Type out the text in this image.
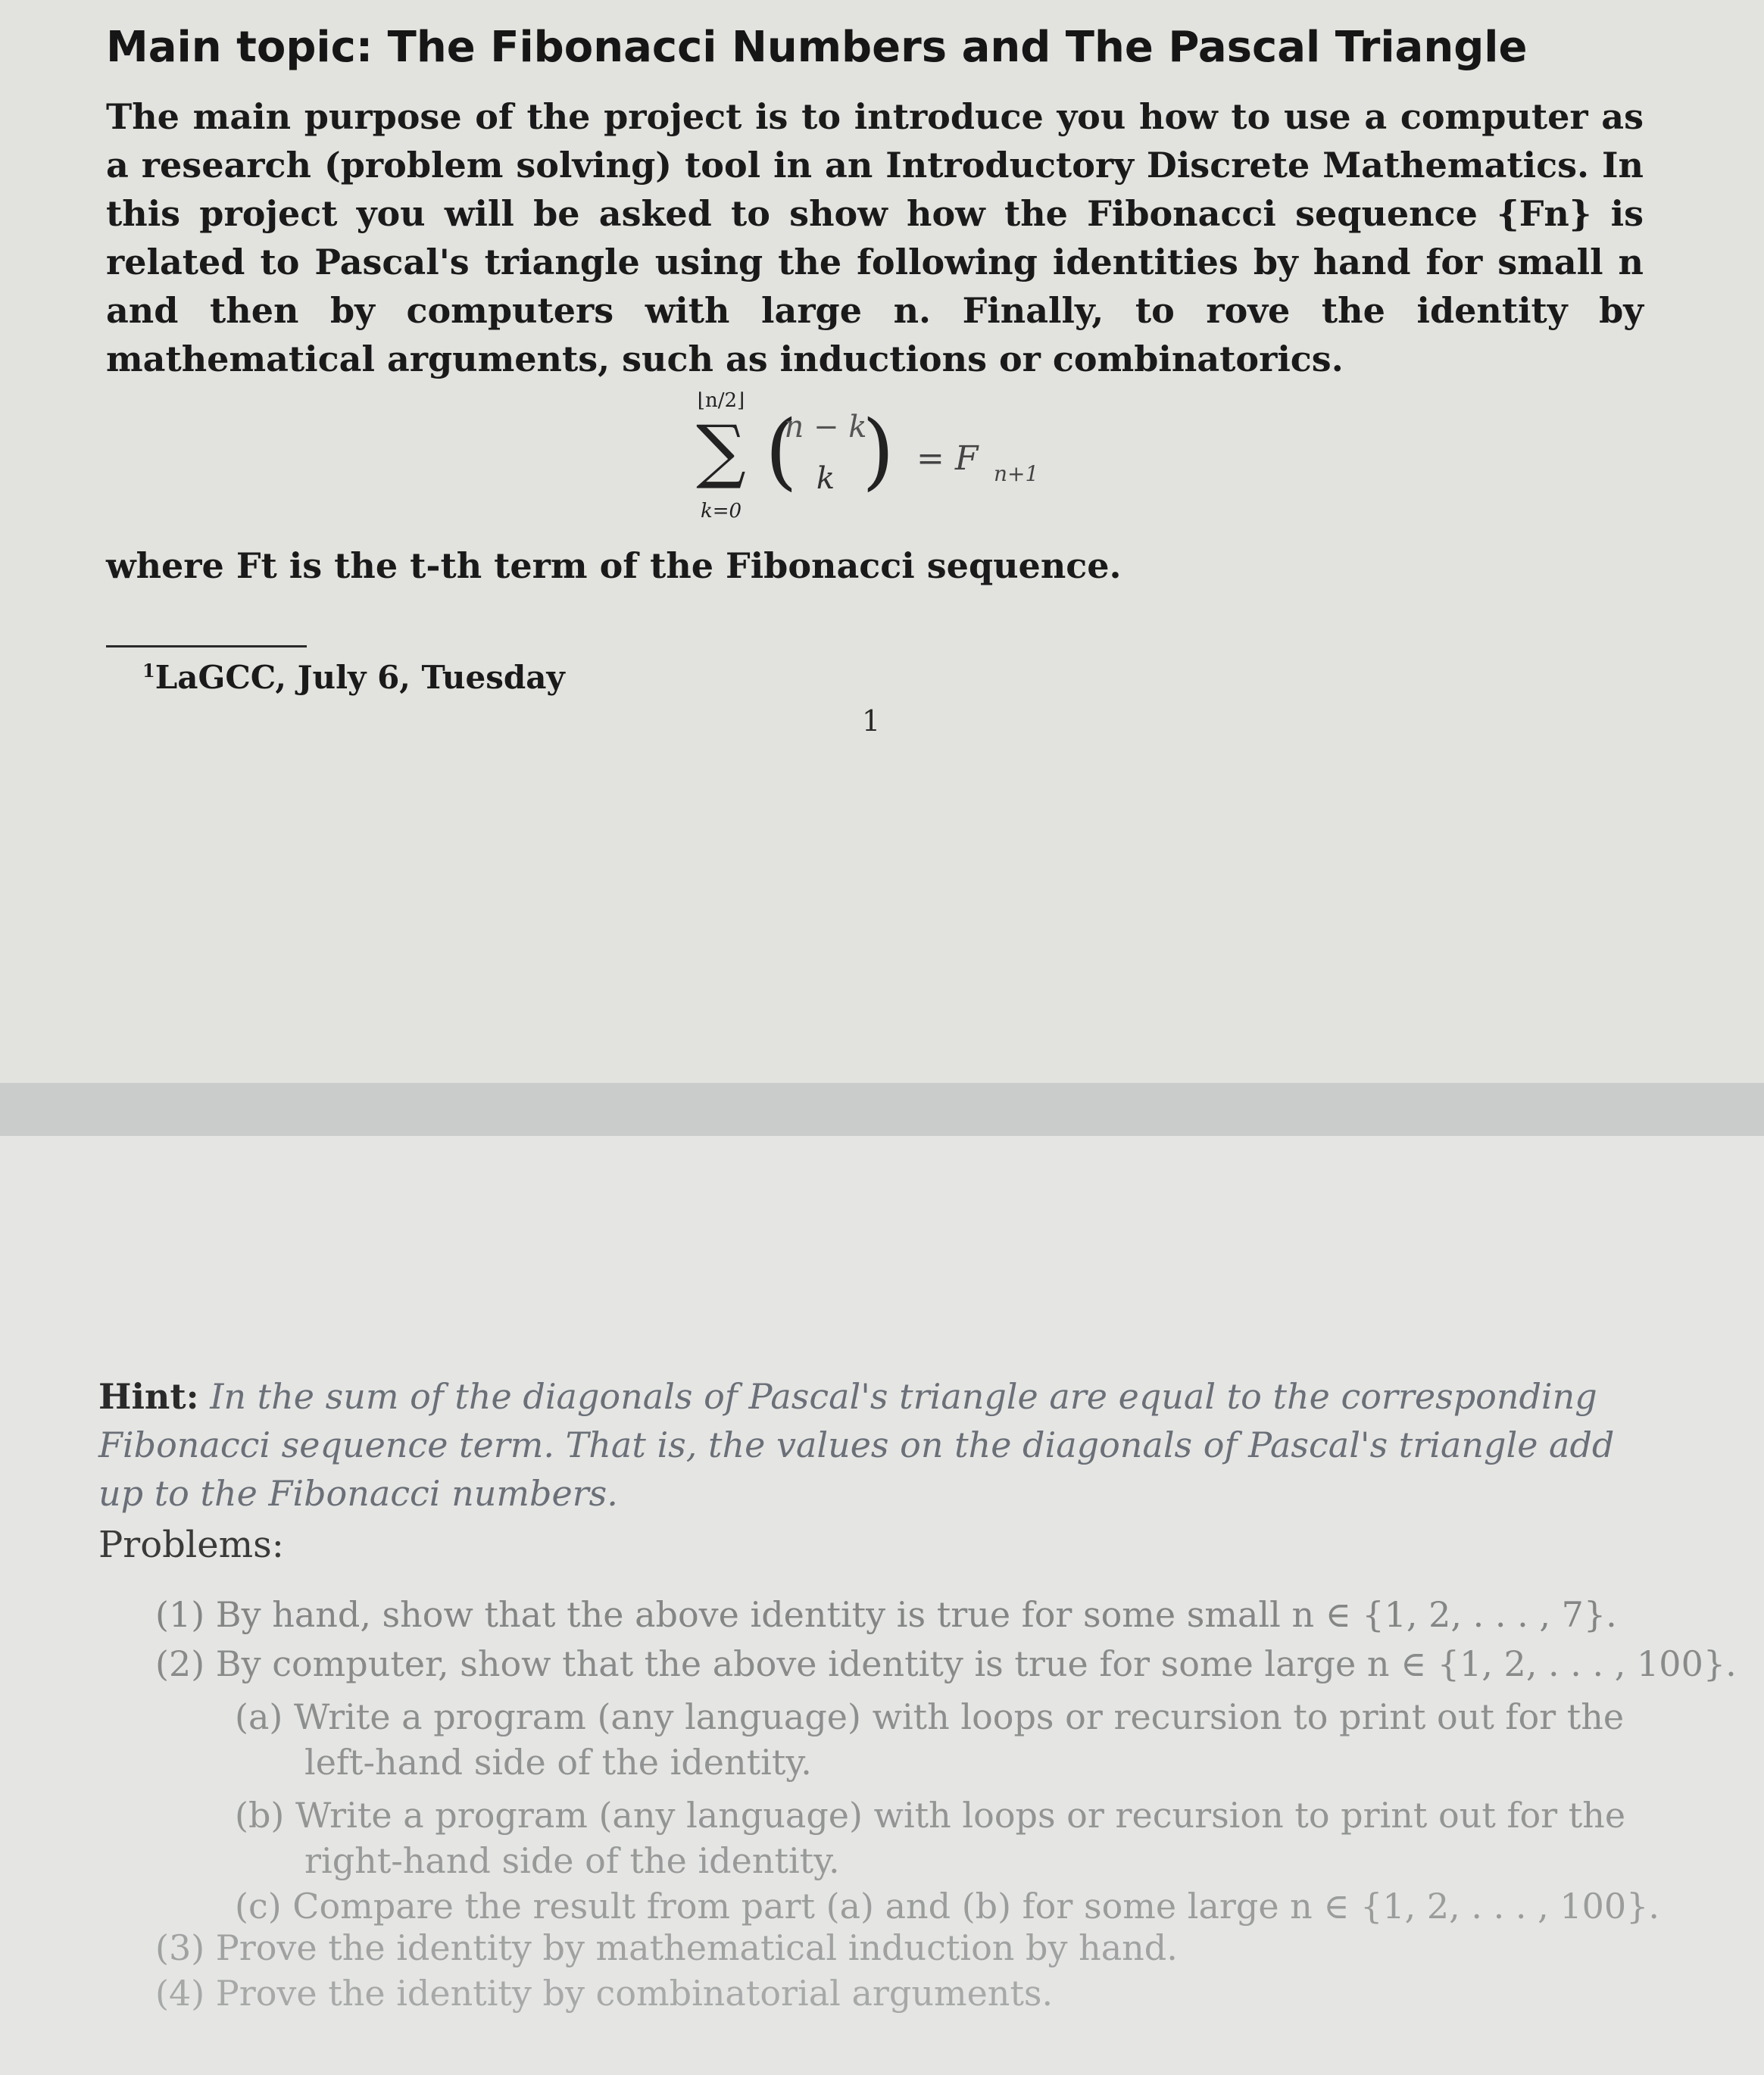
Main topic: The Fibonacci Numbers and The Pascal Triangle
The main purpose of the project is to introduce you how to use a computer as a research (problem solving) tool in an Introductory Discrete Mathematics. In this project you will be asked to show how the Fibonacci sequence {Fn} is related to Pascal's triangle using the following identities by hand for small n and then by computers with large n. Finally, to rove the identity by mathematical arguments, such as inductions or combinatorics.
⌊n/2⌋
∑
k=0
(
n − k
k ) = F n+1
where Ft is the t-th term of the Fibonacci sequence.
$^1$LaGCC, July 6, Tuesday
1
Hint: In the sum of the diagonals of Pascal's triangle are equal to the corresponding Fibonacci sequence term. That is, the values on the diagonals of Pascal's triangle add up to the Fibonacci numbers.
Problems:
(1) By hand, show that the above identity is true for some small n ∈ {1, 2, . . . , 7}.
(2) By computer, show that the above identity is true for some large n ∈ {1, 2, . . . , 100}.
(a) Write a program (any language) with loops or recursion to print out for the
left-hand side of the identity.
(b) Write a program (any language) with loops or recursion to print out for the
right-hand side of the identity.
(c) Compare the result from part (a) and (b) for some large n ∈ {1, 2, . . . , 100}.
(3) Prove the identity by mathematical induction by hand.
(4) Prove the identity by combinatorial arguments.
